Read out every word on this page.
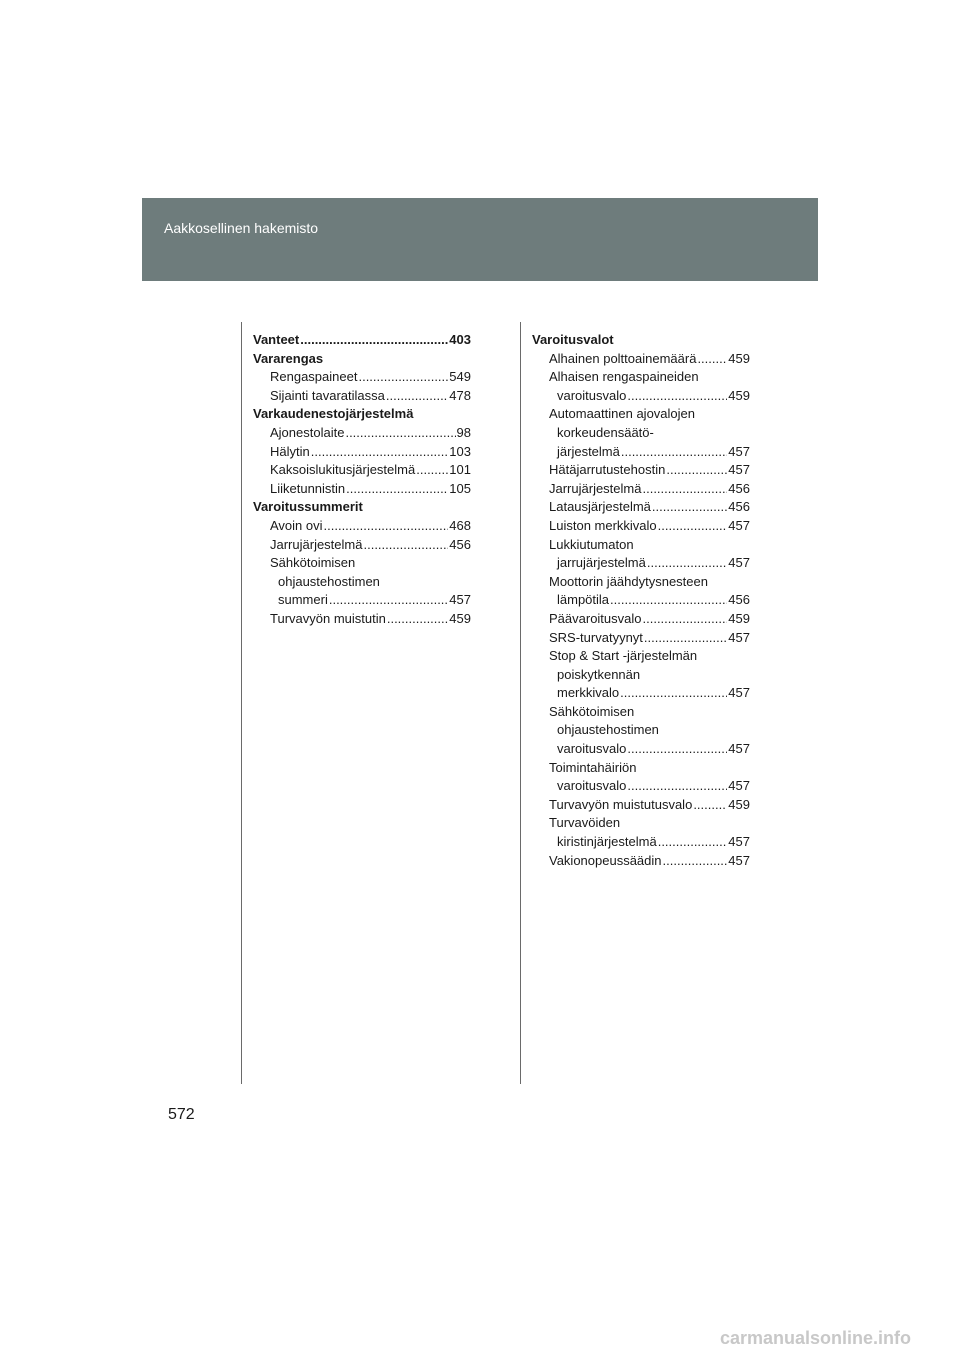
Aakkosellinen hakemisto
Vanteet .....	403
Vararengas
Rengaspaineet .....	549
Sijainti tavaratilassa .....	478
Varkaudenestojärjestelmä
Ajonestolaite .....	98
Hälytin .....	103
Kaksoislukitusjärjestelmä .....	101
Liiketunnistin .....	105
Varoitussummerit
Avoin ovi .....	468
Jarrujärjestelmä .....	456
Sähkötoimisen
ohjaustehostimen
summeri .....	457
Turvavyön muistutin .....	459
Varoitusvalot
Alhainen polttoainemäärä ..... 459
Alhaisen rengaspaineiden
varoitusvalo .....	459
Automaattinen ajovalojen
korkeudensäätö-
järjestelmä .....	457
Hätäjarrutustehostin .....	457
Jarrujärjestelmä .....	456
Latausjärjestelmä .....	456
Luiston merkkivalo .....	457
Lukkiutumaton
jarrujärjestelmä .....	457
Moottorin jäähdytysnesteen
lämpötila .....	456
Päävaroitusvalo .....	459
SRS-turvatyynyt .....	457
Stop & Start -järjestelmän
poiskytkennän
merkkivalo .....	457
Sähkötoimisen
ohjaustehostimen
varoitusvalo .....	457
Toimintahäiriön
varoitusvalo .....	457
Turvavyön muistutusvalo .....	459
Turvavöiden
kiristinjärjestelmä .....	457
Vakionopeussäädin .....	457
572
carmanualsonline.info
